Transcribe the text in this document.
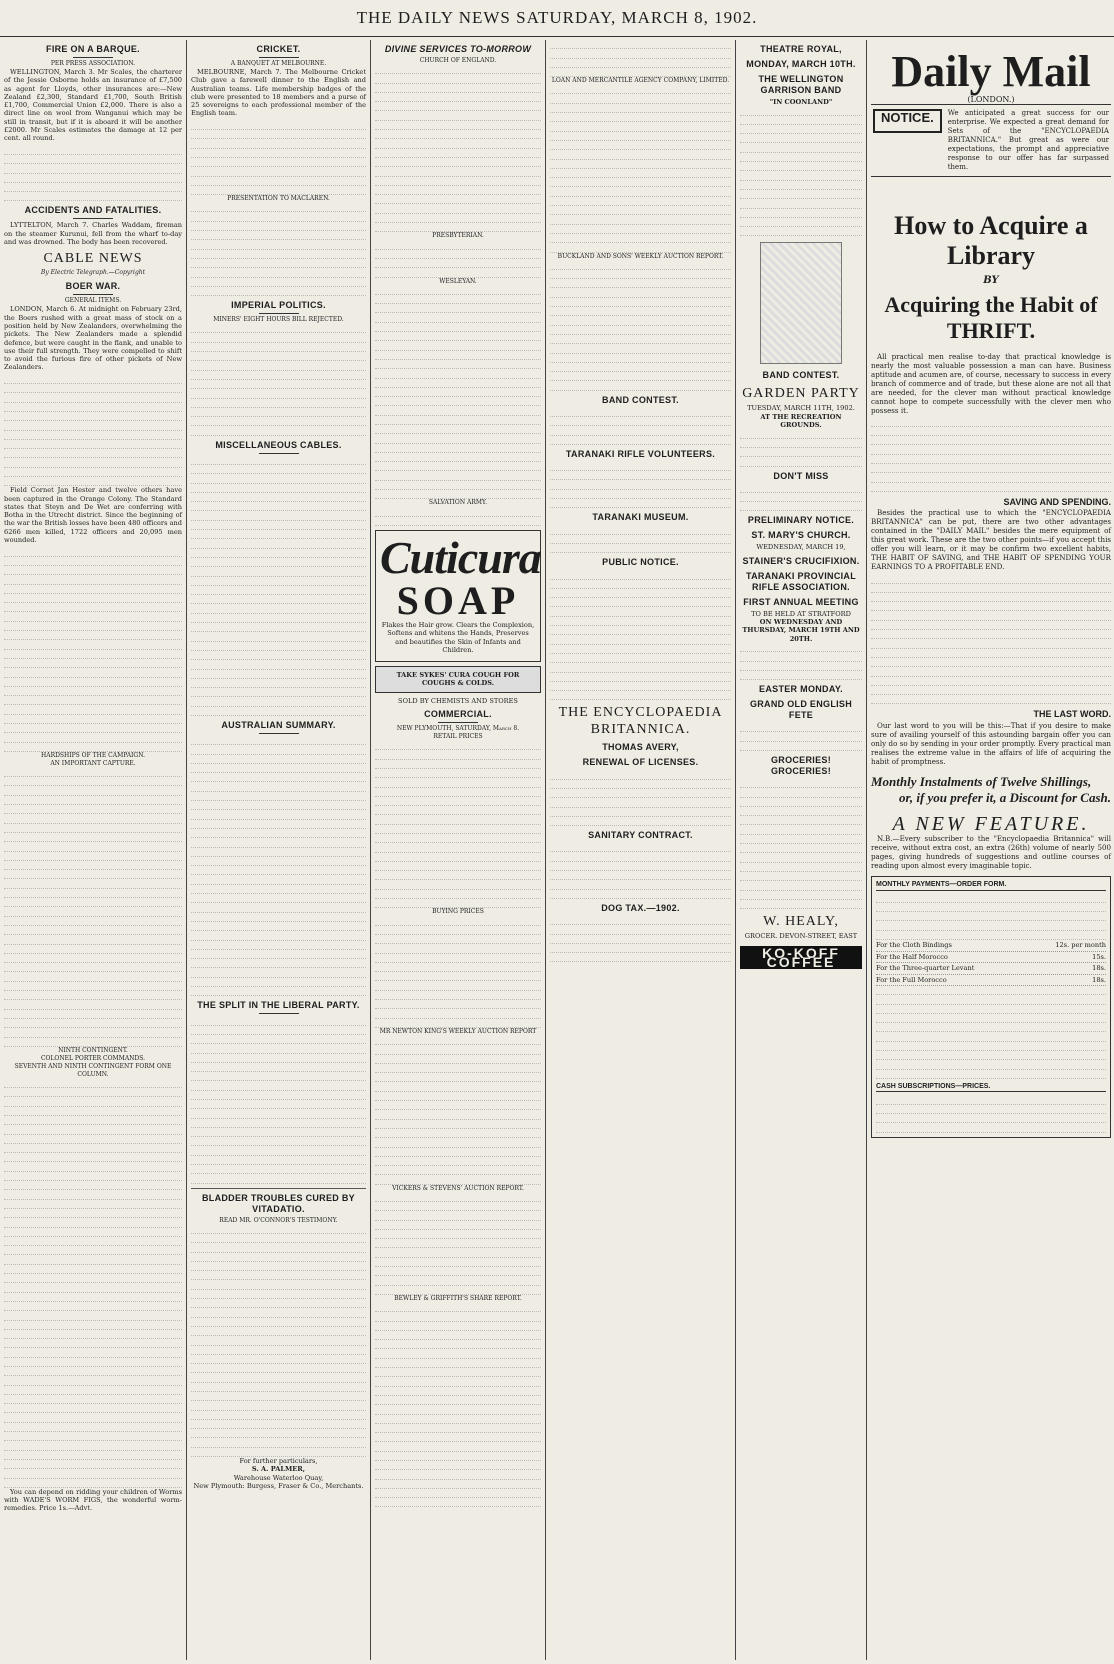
THE DAILY NEWS SATURDAY, MARCH 8, 1902.
FIRE ON A BARQUE.
PER PRESS ASSOCIATION.

WELLINGTON, March 3. Mr Scales, the charterer of the Jessie Osborne holds an insurance of £7,500 as agent for Lloyds, other insurances are:—New Zealand £2,300, Standard £1,700, South British £1,700, Commercial Union £2,000. There is also a direct line on wool from Wanganui which may be still in transit, but if it is aboard it will be another £2000. Mr Scales estimates the damage at 12 per cent. all round.

ACCIDENTS AND FATALITIES.

LYTTELTON, March 7. Charles Waddam, fireman on the steamer Kurunui, fell from the wharf to-day and was drowned. The body has been recovered.

CABLE NEWS
By Electric Telegraph.—Copyright
BOER WAR.
GENERAL ITEMS.

LONDON, March 6. At midnight on February 23rd, the Boers rushed with a great mass of stock on a position held by New Zealanders, overwhelming the pickets. The New Zealanders made a splendid defence, but were caught in the flank, and unable to use their full strength. They were compelled to shift to avoid the furious fire of other pickets of New Zealanders.

Field Cornet Jan Hester and twelve others have been captured in the Orange Colony. The Standard states that Steyn and De Wet are conferring with Botha in the Utrecht district. Since the beginning of the war the British losses have been 480 officers and 6266 men killed, 1722 officers and 20,095 men wounded.

HARDSHIPS OF THE CAMPAIGN.
AN IMPORTANT CAPTURE.
NINTH CONTINGENT.
COLONEL PORTER COMMANDS.
SEVENTH AND NINTH CONTINGENT FORM ONE COLUMN.

You can depend on ridding your children of Worms with WADE'S WORM FIGS, the wonderful worm-remedies. Price 1s.—Advt.

CRICKET.
A BANQUET AT MELBOURNE.

MELBOURNE, March 7. The Melbourne Cricket Club gave a farewell dinner to the English and Australian teams. Life membership badges of the club were presented to 18 members and a purse of 25 sovereigns to each professional member of the English team.

PRESENTATION TO MACLAREN.
IMPERIAL POLITICS.
MINERS' EIGHT HOURS BILL REJECTED.
MISCELLANEOUS CABLES.
AUSTRALIAN SUMMARY.
THE SPLIT IN THE LIBERAL PARTY.
BLADDER TROUBLES CURED BY VITADATIO.
READ MR. O'CONNOR'S TESTIMONY.
For further particulars,
S. A. PALMER,
Warehouse Waterloo Quay,
New Plymouth: Burgess, Fraser & Co., Merchants.
DIVINE SERVICES TO-MORROW
CHURCH OF ENGLAND.
PRESBYTERIAN.
WESLEYAN.
SALVATION ARMY.
Cuticura
SOAP

Flakes the Hair grow. Clears the Complexion, Softens and whitens the Hands, Preserves and beautifies the Skin of Infants and Children.

TAKE SYKES' CURA COUGH FOR COUGHS & COLDS.
SOLD BY CHEMISTS AND STORES
COMMERCIAL.
NEW PLYMOUTH, SATURDAY, March 8.
RETAIL PRICES
BUYING PRICES
MR NEWTON KING'S WEEKLY AUCTION REPORT
VICKERS & STEVENS' AUCTION REPORT.
BEWLEY & GRIFFITH'S SHARE REPORT.
LOAN AND MERCANTILE AGENCY COMPANY, LIMITED.
BUCKLAND AND SONS' WEEKLY AUCTION REPORT.
BAND CONTEST.
TARANAKI RIFLE VOLUNTEERS.
TARANAKI MUSEUM.
PUBLIC NOTICE.
THE ENCYCLOPAEDIA BRITANNICA.
THOMAS AVERY,
RENEWAL OF LICENSES.
SANITARY CONTRACT.
DOG TAX.—1902.
THEATRE ROYAL,
MONDAY, MARCH 10TH.
THE WELLINGTON GARRISON BAND
"IN COONLAND"
BAND CONTEST.
GARDEN PARTY
TUESDAY, MARCH 11TH, 1902.
AT THE RECREATION GROUNDS.
DON'T MISS
PRELIMINARY NOTICE.
ST. MARY'S CHURCH.
WEDNESDAY, MARCH 19,
STAINER'S CRUCIFIXION.
TARANAKI PROVINCIAL RIFLE ASSOCIATION.
FIRST ANNUAL MEETING
TO BE HELD AT STRATFORD
ON WEDNESDAY AND THURSDAY, MARCH 19TH AND 20TH.
EASTER MONDAY.
GRAND OLD ENGLISH FETE
GROCERIES! GROCERIES!
W. HEALY,
GROCER. DEVON-STREET, EAST
KO-KOFF COFFEE
Daily Mail
(LONDON.)
NOTICE.	We anticipated a great success for our enterprise. We expected a great demand for Sets of the "ENCYCLOPAEDIA BRITANNICA." But great as were our expectations, the prompt and appreciative response to our offer has far surpassed them.
How to Acquire a Library
BY
Acquiring the Habit of THRIFT.

All practical men realise to-day that practical knowledge is nearly the most valuable possession a man can have. Business aptitude and acumen are, of course, necessary to success in every branch of commerce and of trade, but these alone are not all that are needed, for the clever man without practical knowledge cannot hope to compete successfully with the clever men who possess it.

SAVING AND SPENDING.

Besides the practical use to which the "ENCYCLOPAEDIA BRITANNICA" can be put, there are two other advantages contained in the "DAILY MAIL" besides the mere equipment of this great work. These are the two other points—if you accept this offer you will learn, or it may be confirm two excellent habits, THE HABIT OF SAVING, and THE HABIT OF SPENDING YOUR EARNINGS TO A PROFITABLE END.

THE LAST WORD.

Our last word to you will be this:—That if you desire to make sure of availing yourself of this astounding bargain offer you can only do so by sending in your order promptly. Every practical man realises the extreme value in the affairs of life of acquiring the habit of promptness.

Monthly Instalments of Twelve Shillings,
or, if you prefer it, a Discount for Cash.
A NEW FEATURE.

N.B.—Every subscriber to the "Encyclopaedia Britannica" will receive, without extra cost, an extra (26th) volume of nearly 500 pages, giving hundreds of suggestions and outline courses of reading upon almost every imaginable topic.

MONTHLY PAYMENTS—ORDER FORM.
For the Cloth Bindings	12s. per month
For the Half Morocco	15s.
For the Three-quarter Levant	18s.
For the Full Morocco	18s.
CASH SUBSCRIPTIONS—PRICES.
